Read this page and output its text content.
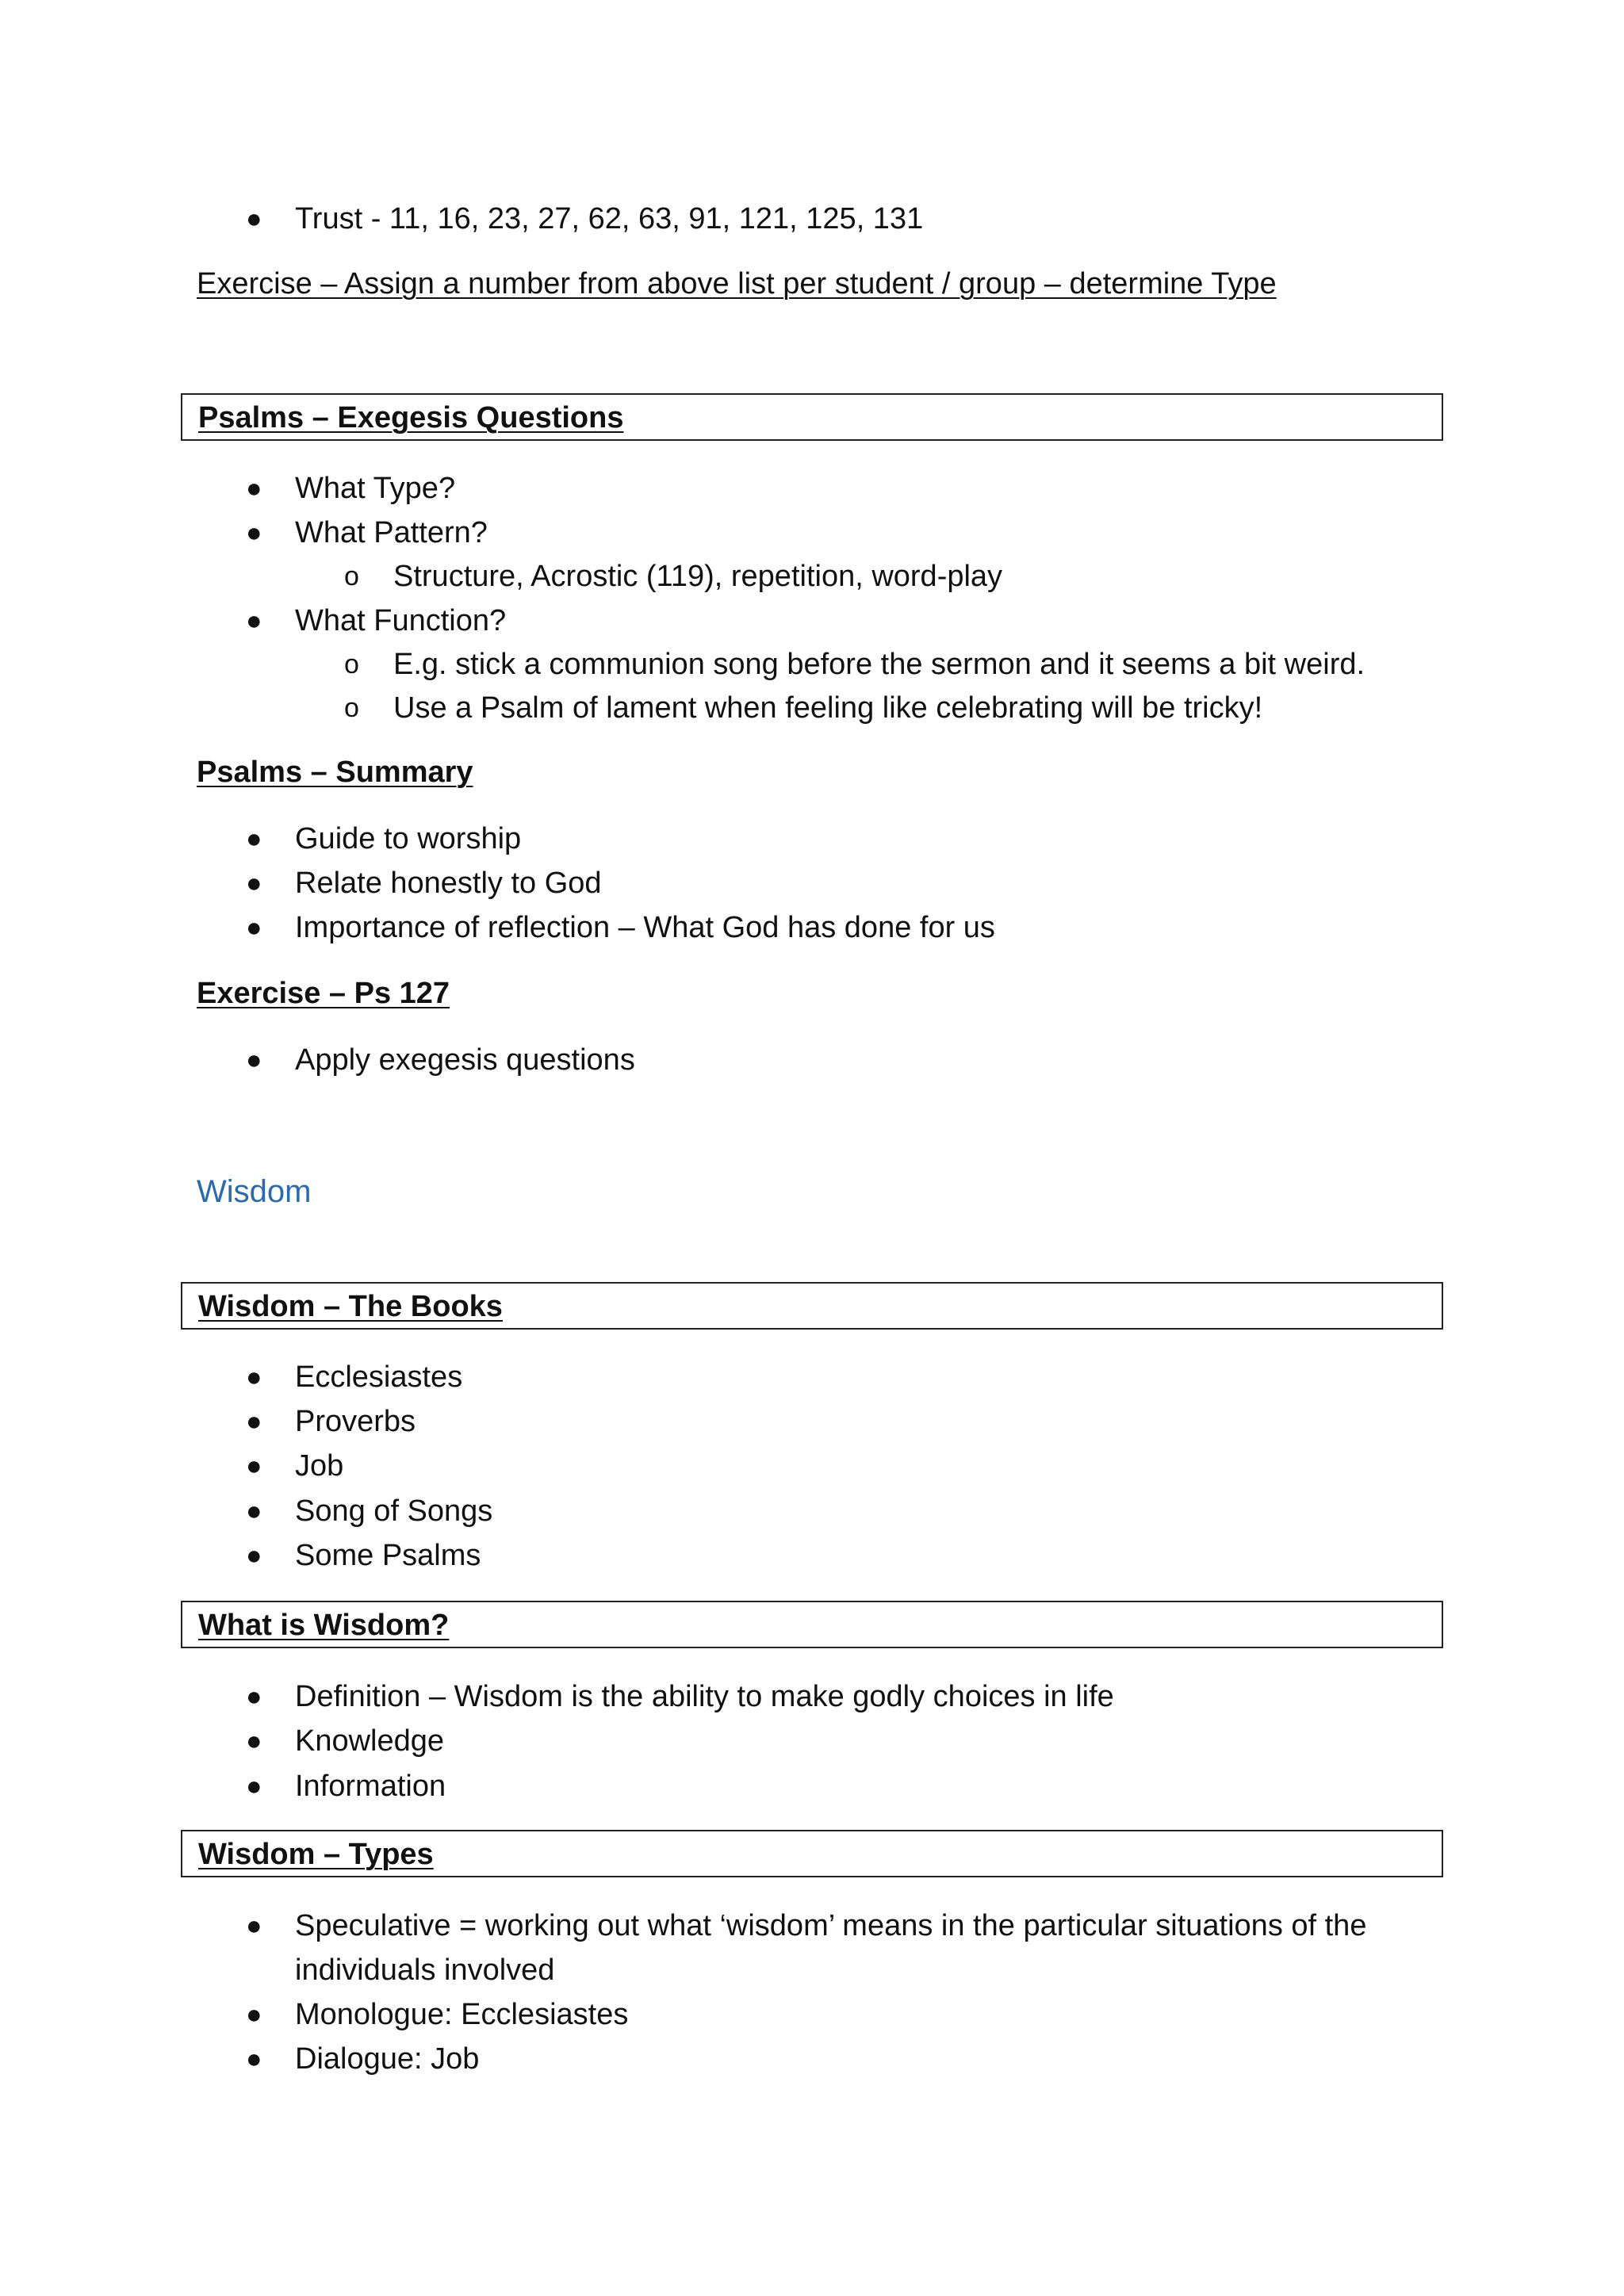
● Trust - 11, 16, 23, 27, 62, 63, 91, 121, 125, 131
Exercise – Assign a number from above list per student / group – determine Type
Psalms – Exegesis Questions
● What Type?
● What Pattern?
o Structure, Acrostic (119), repetition, word-play
● What Function?
o E.g. stick a communion song before the sermon and it seems a bit weird.
o Use a Psalm of lament when feeling like celebrating will be tricky!
Psalms – Summary
● Guide to worship
● Relate honestly to God
● Importance of reflection – What God has done for us
Exercise – Ps 127
● Apply exegesis questions
Wisdom
Wisdom – The Books
● Ecclesiastes
● Proverbs
● Job
● Song of Songs
● Some Psalms
What is Wisdom?
● Definition – Wisdom is the ability to make godly choices in life
● Knowledge
● Information
Wisdom – Types
● Speculative = working out what ‘wisdom’ means in the particular situations of the
individuals involved
● Monologue: Ecclesiastes
● Dialogue: Job
